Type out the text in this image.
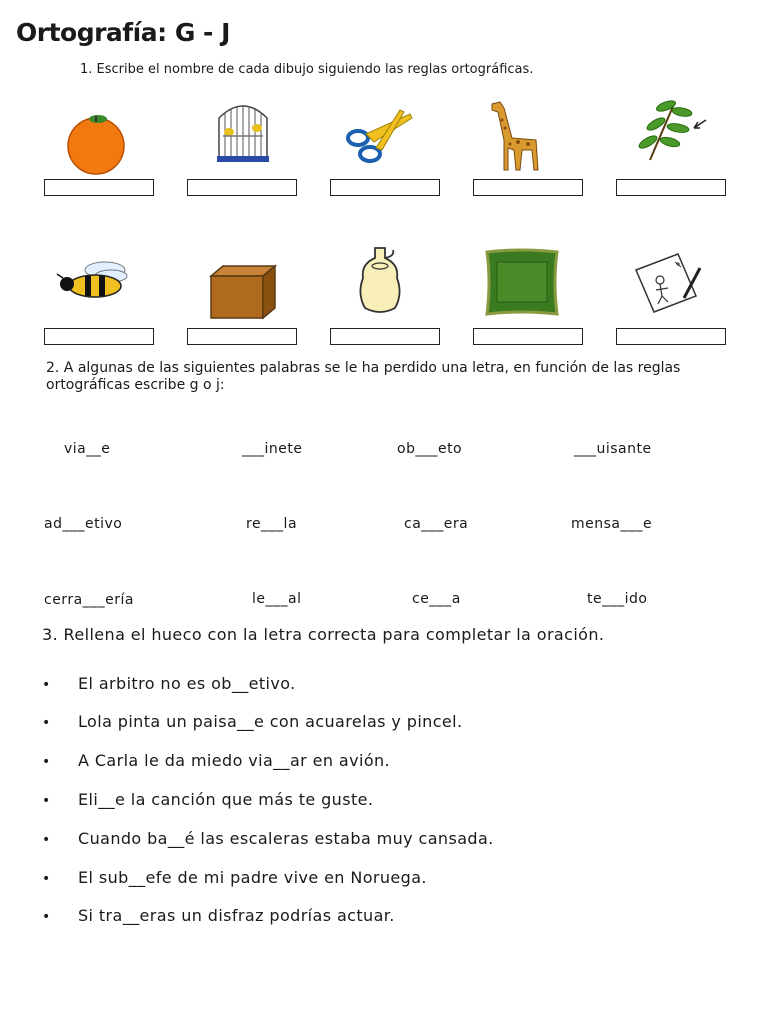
Ortografía: G - J
1. Escribe el nombre de cada dibujo siguiendo las reglas ortográficas.
2. A algunas de las siguientes palabras se le ha perdido una letra, en función de las reglas ortográficas escribe g o j:
via__e	___inete	ob___eto	___uisante
ad___etivo	re___la	ca___era	mensa___e
cerra___ería	le___al	ce___a	te___ido
3. Rellena el hueco con la letra correcta para completar la oración.
• El arbitro no es ob__etivo.
• Lola pinta un paisa__e con acuarelas y pincel.
• A Carla le da miedo via__ar en avión.
• Eli__e la canción que más te guste.
• Cuando ba__é las escaleras estaba muy cansada.
• El sub__efe de mi padre vive en Noruega.
• Si tra__eras un disfraz podrías actuar.
